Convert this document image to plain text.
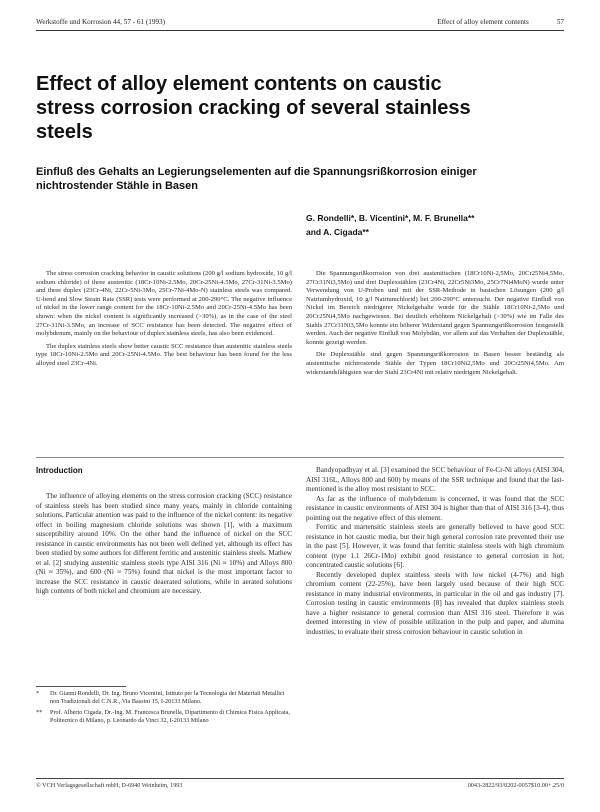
Werkstoffe und Korrosion 44, 57 - 61 (1993)	Effect of alloy element contents	57
Effect of alloy element contents on caustic stress corrosion cracking of several stainless steels
Einfluß des Gehalts an Legierungselementen auf die Spannungsrißkorrosion einiger nichtrostender Stähle in Basen
G. Rondelli*, B. Vicentini*, M. F. Brunella**
and A. Cigada**

The stress corrosion cracking behavior in caustic solutions (200 g/l sodium hydroxide, 10 g/l sodium chloride) of three austenitic (18Cr-10Ni-2.5Mo, 20Cr-25Ni-4.5Mo, 27Cr-31Ni-3.5Mo) and three duplex (23Cr-4Ni, 22Cr-5Ni-3Mo, 25Cr-7Ni-4Mo-N) stainless steels was compared. U-bend and Slow Strain Rate (SSR) tests were performed at 200-290°C. The negative influence of nickel in the lower range content for the 18Cr-10Ni-2.5Mo and 20Cr-25Ni-4.5Mo has been shown: when the nickel content is significantly increased (>30%), as in the case of the steel 27Cr-31Ni-3.5Mo, an increase of SCC resistance has been detected. The negative effect of molybdenum, mainly on the behaviour of duplex stainless steels, has also been evidenced.

The duplex stainless steels show better caustic SCC resistance than austenitic stainless steels type 18Cr-10Ni-2.5Mo and 20Cr-25Ni-4.5Mo. The best behaviour has been found for the less alloyed steel 23Cr-4Ni.

Die Spannungsrißkorrosion von drei austenitischen (18Cr10Ni-2,5Mo, 20Cr25Ni4,5Mo, 27Cr31Ni3,5Mo) und drei Duplexstählen (23Cr4Ni, 22Cr5Ni3Mo, 25Cr7Ni4MoN) wurde unter Verwendung von U-Proben und mit der SSR-Methode in basischen Lösungen (200 g/l Natriumhydroxid, 10 g/l Natriumchlorid) bei 200-290°C untersucht. Der negative Einfluß von Nickel im Bereich niedrigerer Nickelgehalte wurde für die Stähle 18Cr10Ni-2,5Mo und 20Cr25Ni4,5Mo nachgewiesen. Bei deutlich erhöhtem Nickelgehalt (>30%) wie im Falle des Stahls 27Cr31Ni3,5Mo konnte ein höherer Widerstand gegen Spannungsrißkorrosion festgestellt werden. Auch der negative Einfluß von Molybdän, vor allem auf das Verhalten der Duplexstähle, konnte gezeigt werden.

Die Duplexstähle sind gegen Spannungsrißkorrosion in Basen besser beständig als austenitische nichtrostende Stähle der Typen 18Cr10Ni2,5Mo und 20Cr25Ni4,5Mo. Am widerstandsfähigsten war der Stahl 23Cr4Ni mit relativ niedrigem Nickelgehalt.

Introduction

The influence of alloying elements on the stress corrosion cracking (SCC) resistance of stainless steels has been studied since many years, mainly in chloride containing solutions. Particular attention was paid to the influence of the nickel content: its negative effect in boiling magnesium chloride solutions was shown [1], with a maximum susceptibility around 10%. On the other hand the influence of nickel on the SCC resistance in caustic environments has not been well defined yet, although its effect has been studied by some authors for different ferritic and austenitic stainless steels. Mathew et al. [2] studying austenitic stainless steels type AISI 316 (Ni ≈ 10%) and Alloys 800 (Ni ≈ 35%), and 600 (Ni ≈ 75%) found that nickel is the most important factor to increase the SCC resistance in caustic deaerated solutions, while in aerated solutions high contents of both nickel and chromium are necessary.

*	Dr. Gianni Rondelli, Dr. Ing. Bruno Vicentini, Istituto per la Tecnologia dei Materiali Metallici non Tradizionali del C.N.R., Via Bassini 15, I-20133 Milano.
**	Prof. Alberto Cigada, Dr.-Ing. M. Francesca Brunella, Dipartimento di Chimica Fisica Applicata, Politecnico di Milano, p. Leonardo da Vinci 32, I-20133 Milano

Bandyopadhyay et al. [3] examined the SCC behaviour of Fe-Cr-Ni alloys (AISI 304, AISI 316L, Alloys 800 and 600) by means of the SSR technique and found that the last-mentioned is the alloy most resistant to SCC.

As far as the influence of molybdenum is concerned, it was found that the SCC resistance in caustic environments of AISI 304 is higher than that of AISI 316 [3-4], thus pointing out the negative effect of this element.

Ferritic and martensitic stainless steels are generally believed to have good SCC resistance in hot caustic media, but their high general corrosion rate prevented their use in the past [5]. However, it was found that ferritic stainless steels with high chromium content (type 1.1 26Cr-1Mo) exhibit good resistance to general corrosion in hot, concentrated caustic solutions [6].

Recently developed duplex stainless steels with low nickel (4-7%) and high chromium content (22-25%), have been largely used because of their high SCC resistance in many industrial environments, in particular in the oil and gas industry [7]. Corrosion testing in caustic environments [8] has revealed that duplex stainless steels have a higher resistance to general corrosion than AISI 316 steel. Therefore it was deemed interesting in view of possible utilization in the pulp and paper, and alumina industries, to evaluate their stress corrosion behaviour in caustic solution in

© VCH Verlagsgesellschaft mbH, D-6940 Weinheim, 1993	0043-2822/93/0202-0057$10.00+.25/0
